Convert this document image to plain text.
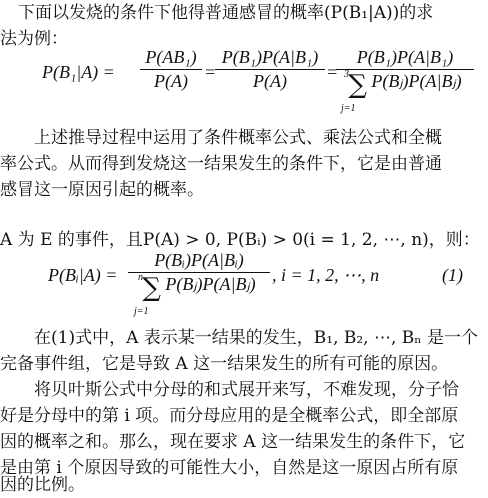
下面以发烧的条件下他得普通感冒的概率(P(B₁|A))的求
法为例：
P(B₁|A) =
P(AB₁)
P(A) =
P(B₁)P(A|B₁)
P(A)	=
P(B₁)P(A|B₁)
∑ P(Bⱼ)P(A|Bⱼ)
3
j=1
　　上述推导过程中运用了条件概率公式、乘法公式和全概
率公式。从而得到发烧这一结果发生的条件下，它是由普通
感冒这一原因引起的概率。
A 为 E 的事件，且P(A) > 0, P(Bᵢ) > 0(i = 1, 2, ⋯, n)，则：
P(Bᵢ|A) =
P(Bᵢ)P(A|Bᵢ)
∑ P(Bⱼ)P(A|Bⱼ)
n
j=1
, i = 1, 2, ⋯, n	(1)
　　在(1)式中，A 表示某一结果的发生，B₁, B₂, ⋯, Bₙ 是一个
完备事件组，它是导致 A 这一结果发生的所有可能的原因。
　　将贝叶斯公式中分母的和式展开来写，不难发现，分子恰
好是分母中的第 i 项。而分母应用的是全概率公式，即全部原
因的概率之和。那么，现在要求 A 这一结果发生的条件下，它
是由第 i 个原因导致的可能性大小，自然是这一原因占所有原
因的比例。
